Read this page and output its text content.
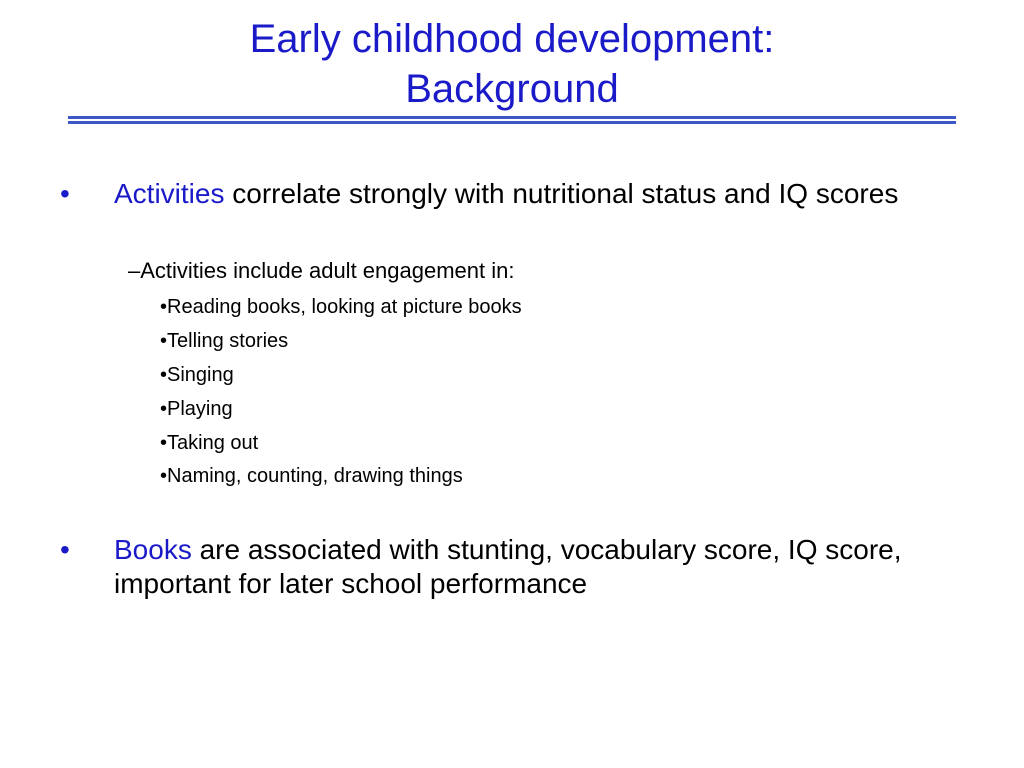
Early childhood development:
Background
•	Activities correlate strongly with nutritional status and IQ scores
–Activities include adult engagement in:
•Reading books, looking at picture books
•Telling stories
•Singing
•Playing
•Taking out
•Naming, counting, drawing things
•	Books are associated with stunting, vocabulary score, IQ score, important for later school performance
